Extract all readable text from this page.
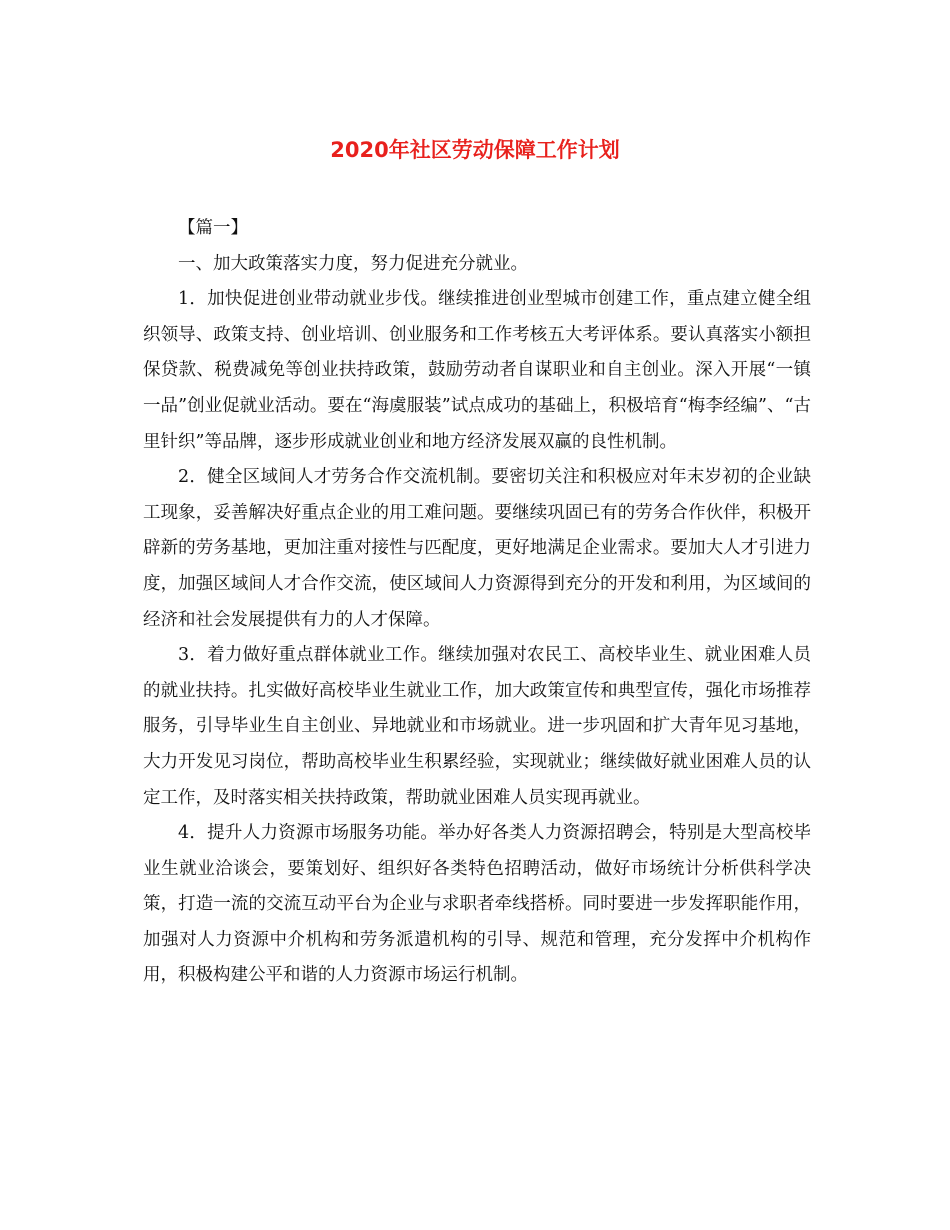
2020年社区劳动保障工作计划

【篇一】

一、加大政策落实力度，努力促进充分就业。

1．加快促进创业带动就业步伐。继续推进创业型城市创建工作，重点建立健全组织领导、政策支持、创业培训、创业服务和工作考核五大考评体系。要认真落实小额担保贷款、税费减免等创业扶持政策，鼓励劳动者自谋职业和自主创业。深入开展“一镇一品”创业促就业活动。要在“海虞服装”试点成功的基础上，积极培育“梅李经编”、“古里针织”等品牌，逐步形成就业创业和地方经济发展双赢的良性机制。

2．健全区域间人才劳务合作交流机制。要密切关注和积极应对年末岁初的企业缺工现象，妥善解决好重点企业的用工难问题。要继续巩固已有的劳务合作伙伴，积极开辟新的劳务基地，更加注重对接性与匹配度，更好地满足企业需求。要加大人才引进力度，加强区域间人才合作交流，使区域间人力资源得到充分的开发和利用，为区域间的经济和社会发展提供有力的人才保障。

3．着力做好重点群体就业工作。继续加强对农民工、高校毕业生、就业困难人员的就业扶持。扎实做好高校毕业生就业工作，加大政策宣传和典型宣传，强化市场推荐服务，引导毕业生自主创业、异地就业和市场就业。进一步巩固和扩大青年见习基地，大力开发见习岗位，帮助高校毕业生积累经验，实现就业；继续做好就业困难人员的认定工作，及时落实相关扶持政策，帮助就业困难人员实现再就业。

4．提升人力资源市场服务功能。举办好各类人力资源招聘会，特别是大型高校毕业生就业洽谈会，要策划好、组织好各类特色招聘活动，做好市场统计分析供科学决策，打造一流的交流互动平台为企业与求职者牵线搭桥。同时要进一步发挥职能作用，加强对人力资源中介机构和劳务派遣机构的引导、规范和管理，充分发挥中介机构作用，积极构建公平和谐的人力资源市场运行机制。
